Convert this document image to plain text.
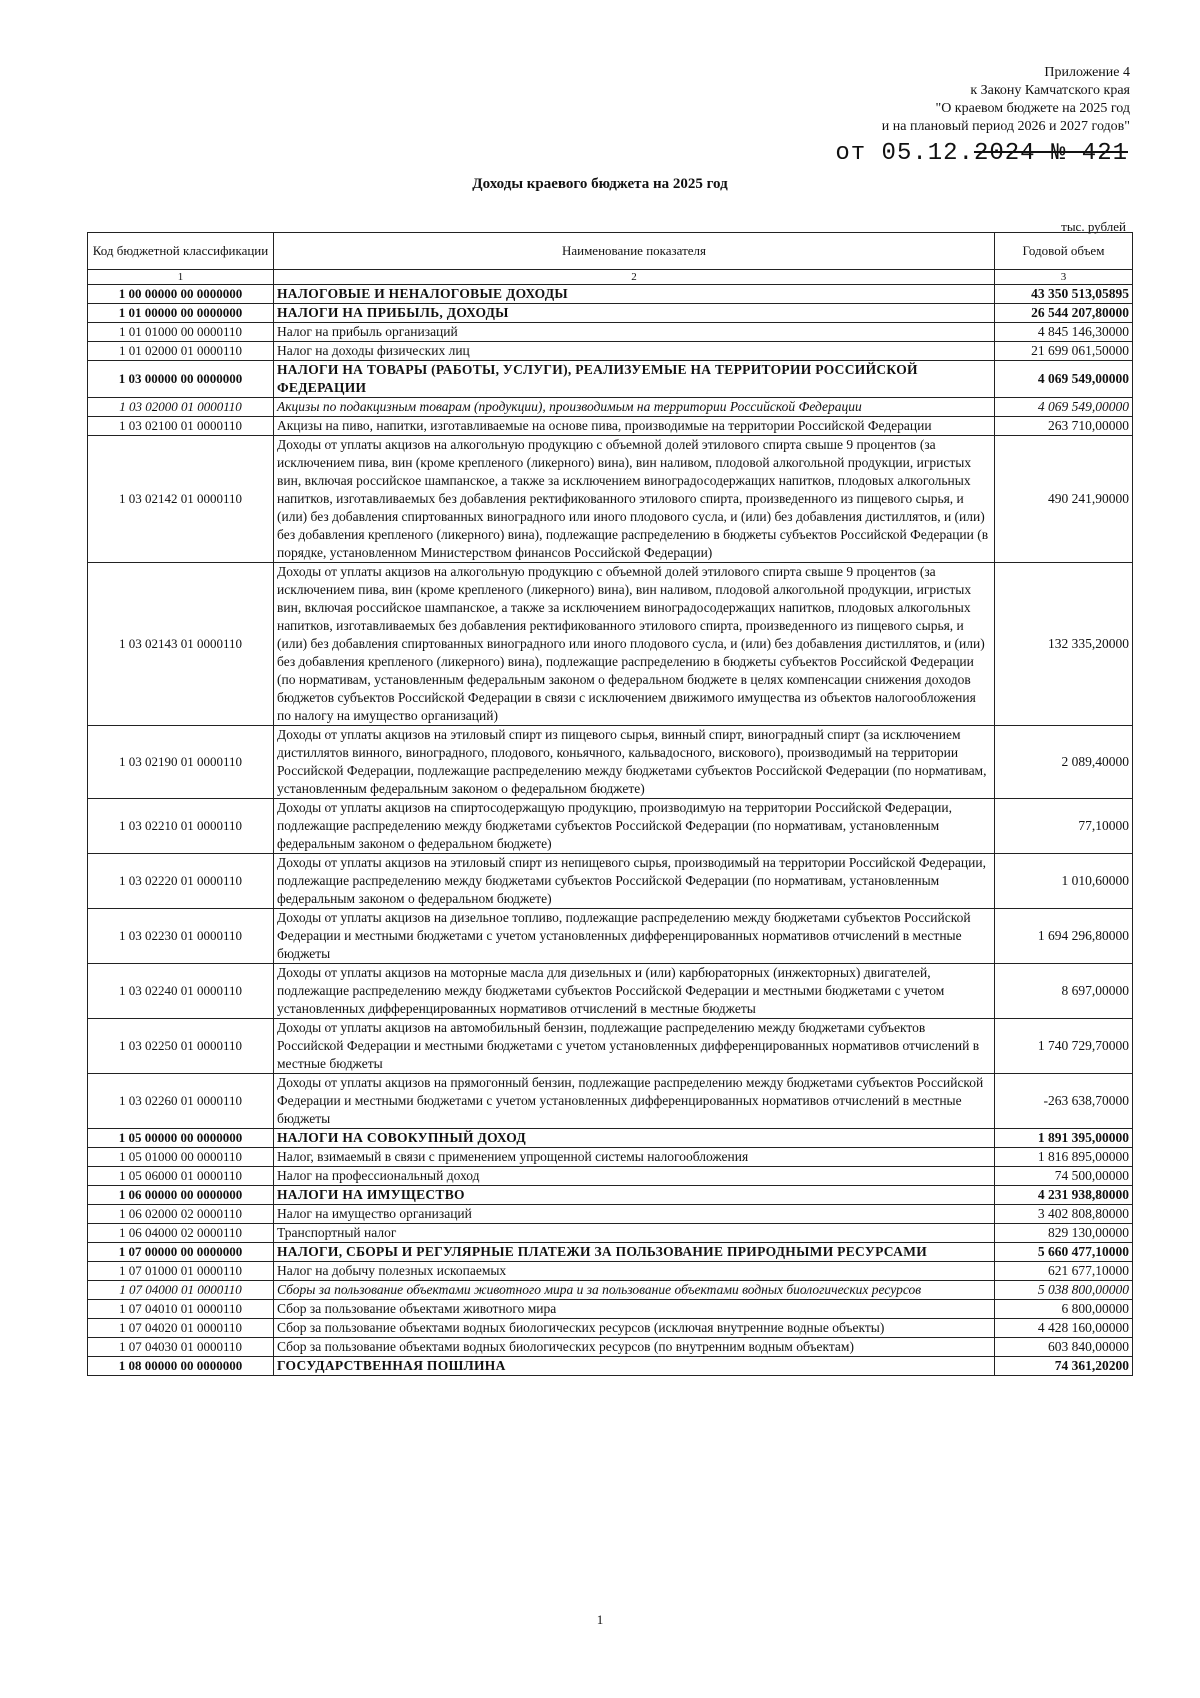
Приложение 4
к Закону Камчатского края
"О краевом бюджете на 2025 год
и на плановый период 2026 и 2027 годов"
от 05.12.2024 № 421
Доходы краевого бюджета на 2025 год
тыс. рублей
Код бюджетной классификации	Наименование показателя	Годовой объем
1	2	3
1 00 00000 00 0000000	НАЛОГОВЫЕ И НЕНАЛОГОВЫЕ ДОХОДЫ	43 350 513,05895
1 01 00000 00 0000000	НАЛОГИ НА ПРИБЫЛЬ, ДОХОДЫ	26 544 207,80000
1 01 01000 00 0000110	Налог на прибыль организаций	4 845 146,30000
1 01 02000 01 0000110	Налог на доходы физических лиц	21 699 061,50000
1 03 00000 00 0000000	НАЛОГИ НА ТОВАРЫ (РАБОТЫ, УСЛУГИ), РЕАЛИЗУЕМЫЕ НА ТЕРРИТОРИИ РОССИЙСКОЙ ФЕДЕРАЦИИ	4 069 549,00000
1 03 02000 01 0000110	Акцизы по подакцизным товарам (продукции), производимым на территории Российской Федерации	4 069 549,00000
1 03 02100 01 0000110	Акцизы на пиво, напитки, изготавливаемые на основе пива, производимые на территории Российской Федерации	263 710,00000
1 03 02142 01 0000110	Доходы от уплаты акцизов на алкогольную продукцию с объемной долей этилового спирта свыше 9 процентов (за исключением пива, вин (кроме крепленого (ликерного) вина), вин наливом, плодовой алкогольной продукции, игристых вин, включая российское шампанское, а также за исключением виноградосодержащих напитков, плодовых алкогольных напитков, изготавливаемых без добавления ректификованного этилового спирта, произведенного из пищевого сырья, и (или) без добавления спиртованных виноградного или иного плодового сусла, и (или) без добавления дистиллятов, и (или) без добавления крепленого (ликерного) вина), подлежащие распределению в бюджеты субъектов Российской Федерации (в порядке, установленном Министерством финансов Российской Федерации)	490 241,90000
1 03 02143 01 0000110	Доходы от уплаты акцизов на алкогольную продукцию с объемной долей этилового спирта свыше 9 процентов (за исключением пива, вин (кроме крепленого (ликерного) вина), вин наливом, плодовой алкогольной продукции, игристых вин, включая российское шампанское, а также за исключением виноградосодержащих напитков, плодовых алкогольных напитков, изготавливаемых без добавления ректификованного этилового спирта, произведенного из пищевого сырья, и (или) без добавления спиртованных виноградного или иного плодового сусла, и (или) без добавления дистиллятов, и (или) без добавления крепленого (ликерного) вина), подлежащие распределению в бюджеты субъектов Российской Федерации (по нормативам, установленным федеральным законом о федеральном бюджете в целях компенсации снижения доходов бюджетов субъектов Российской Федерации в связи с исключением движимого имущества из объектов налогообложения по налогу на имущество организаций)	132 335,20000
1 03 02190 01 0000110	Доходы от уплаты акцизов на этиловый спирт из пищевого сырья, винный спирт, виноградный спирт (за исключением дистиллятов винного, виноградного, плодового, коньячного, кальвадосного, вискового), производимый на территории Российской Федерации, подлежащие распределению между бюджетами субъектов Российской Федерации (по нормативам, установленным федеральным законом о федеральном бюджете)	2 089,40000
1 03 02210 01 0000110	Доходы от уплаты акцизов на спиртосодержащую продукцию, производимую на территории Российской Федерации, подлежащие распределению между бюджетами субъектов Российской Федерации (по нормативам, установленным федеральным законом о федеральном бюджете)	77,10000
1 03 02220 01 0000110	Доходы от уплаты акцизов на этиловый спирт из непищевого сырья, производимый на территории Российской Федерации, подлежащие распределению между бюджетами субъектов Российской Федерации (по нормативам, установленным федеральным законом о федеральном бюджете)	1 010,60000
1 03 02230 01 0000110	Доходы от уплаты акцизов на дизельное топливо, подлежащие распределению между бюджетами субъектов Российской Федерации и местными бюджетами с учетом установленных дифференцированных нормативов отчислений в местные бюджеты	1 694 296,80000
1 03 02240 01 0000110	Доходы от уплаты акцизов на моторные масла для дизельных и (или) карбюраторных (инжекторных) двигателей, подлежащие распределению между бюджетами субъектов Российской Федерации и местными бюджетами с учетом установленных дифференцированных нормативов отчислений в местные бюджеты	8 697,00000
1 03 02250 01 0000110	Доходы от уплаты акцизов на автомобильный бензин, подлежащие распределению между бюджетами субъектов Российской Федерации и местными бюджетами с учетом установленных дифференцированных нормативов отчислений в местные бюджеты	1 740 729,70000
1 03 02260 01 0000110	Доходы от уплаты акцизов на прямогонный бензин, подлежащие распределению между бюджетами субъектов Российской Федерации и местными бюджетами с учетом установленных дифференцированных нормативов отчислений в местные бюджеты	-263 638,70000
1 05 00000 00 0000000	НАЛОГИ НА СОВОКУПНЫЙ ДОХОД	1 891 395,00000
1 05 01000 00 0000110	Налог, взимаемый в связи с применением упрощенной системы налогообложения	1 816 895,00000
1 05 06000 01 0000110	Налог на профессиональный доход	74 500,00000
1 06 00000 00 0000000	НАЛОГИ НА ИМУЩЕСТВО	4 231 938,80000
1 06 02000 02 0000110	Налог на имущество организаций	3 402 808,80000
1 06 04000 02 0000110	Транспортный налог	829 130,00000
1 07 00000 00 0000000	НАЛОГИ, СБОРЫ И РЕГУЛЯРНЫЕ ПЛАТЕЖИ ЗА ПОЛЬЗОВАНИЕ ПРИРОДНЫМИ РЕСУРСАМИ	5 660 477,10000
1 07 01000 01 0000110	Налог на добычу полезных ископаемых	621 677,10000
1 07 04000 01 0000110	Сборы за пользование объектами животного мира и за пользование объектами водных биологических ресурсов	5 038 800,00000
1 07 04010 01 0000110	Сбор за пользование объектами животного мира	6 800,00000
1 07 04020 01 0000110	Сбор за пользование объектами водных биологических ресурсов (исключая внутренние водные объекты)	4 428 160,00000
1 07 04030 01 0000110	Сбор за пользование объектами водных биологических ресурсов (по внутренним водным объектам)	603 840,00000
1 08 00000 00 0000000	ГОСУДАРСТВЕННАЯ ПОШЛИНА	74 361,20200
1
